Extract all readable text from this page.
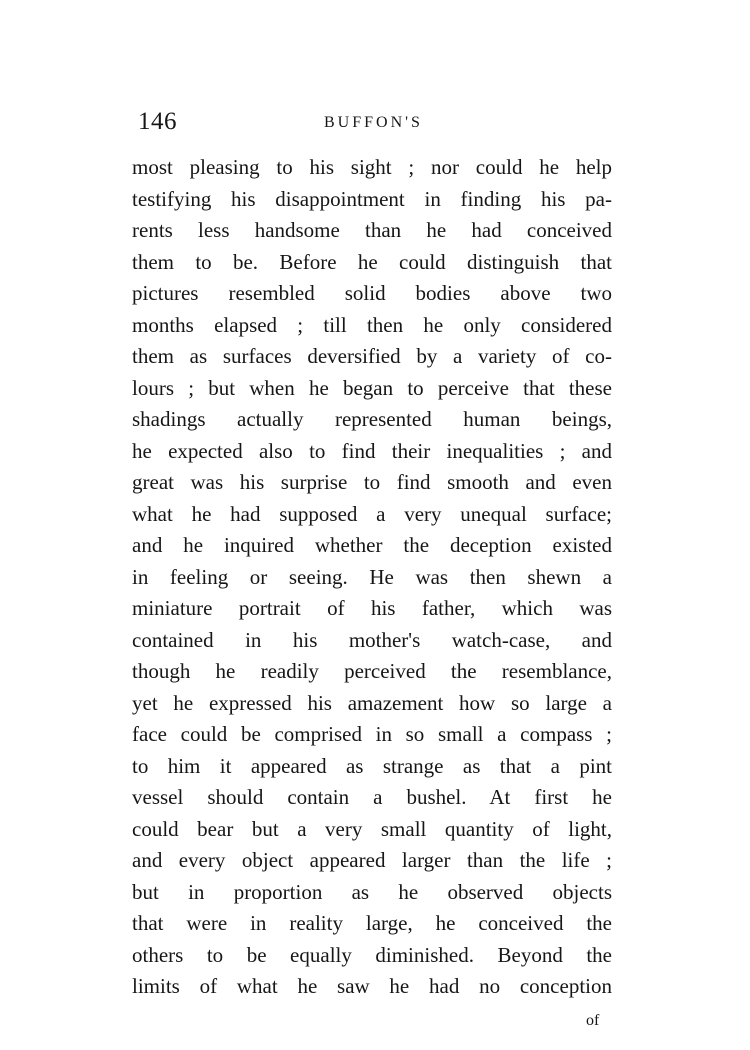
146	BUFFON'S
most pleasing to his sight ; nor could he help
testifying his disappointment in finding his pa-
rents less handsome than he had conceived
them to be. Before he could distinguish that
pictures resembled solid bodies above two
months elapsed ; till then he only considered
them as surfaces deversified by a variety of co-
lours ; but when he began to perceive that these
shadings actually represented human beings,
he expected also to find their inequalities ; and
great was his surprise to find smooth and even
what he had supposed a very unequal surface;
and he inquired whether the deception existed
in feeling or seeing. He was then shewn a
miniature portrait of his father, which was
contained in his mother's watch-case, and
though he readily perceived the resemblance,
yet he expressed his amazement how so large a
face could be comprised in so small a compass ;
to him it appeared as strange as that a pint
vessel should contain a bushel. At first he
could bear but a very small quantity of light,
and every object appeared larger than the life ;
but in proportion as he observed objects
that were in reality large, he conceived the
others to be equally diminished. Beyond the
limits of what he saw he had no conception
of
